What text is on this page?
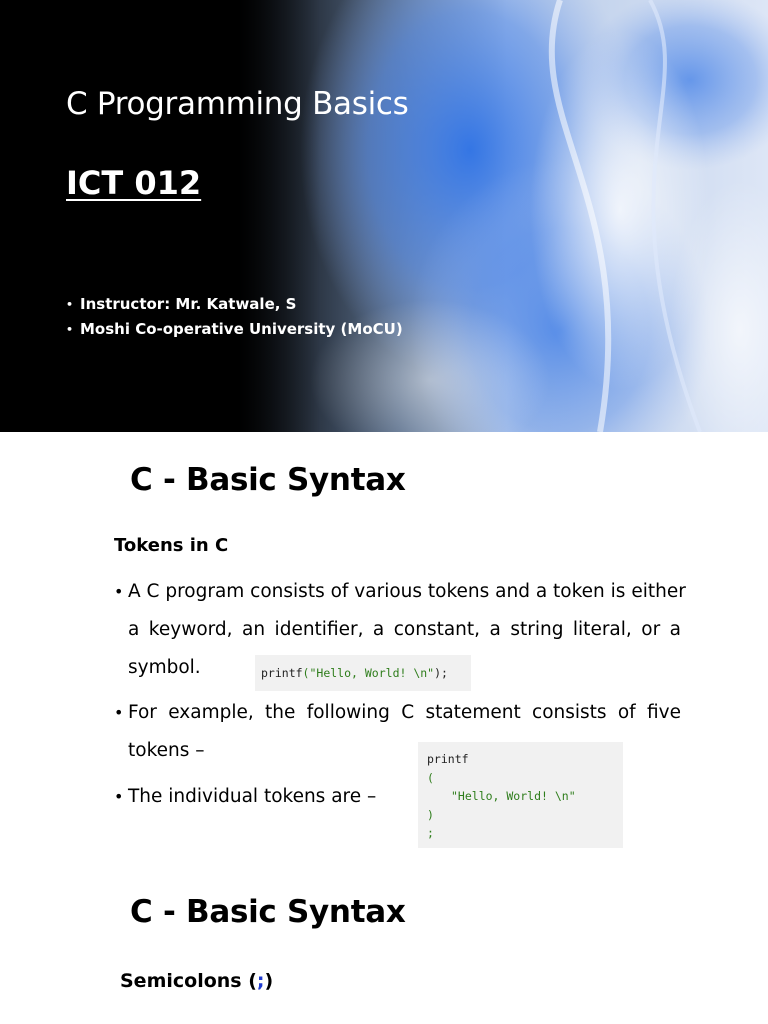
C Programming Basics
ICT 012
• Instructor: Mr. Katwale, S
• Moshi Co-operative University (MoCU)
C - Basic Syntax
Tokens in C
• A C program consists of various tokens and a token is either
a keyword, an identifier, a constant, a string literal, or a
symbol.	printf("Hello, World! \n");
• For example, the following C statement consists of five
tokens –
• The individual tokens are –
printf
(
"Hello, World! \n"
)
;
C - Basic Syntax
Semicolons (;)
